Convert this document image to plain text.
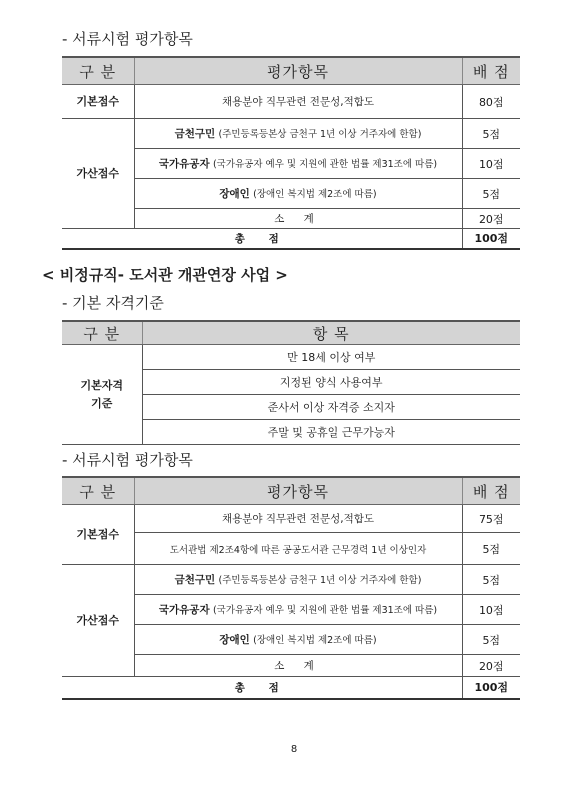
- 서류시험 평가항목
구 분	평가항목	배 점
기본점수	채용분야 직무관련 전문성,적합도	80점
가산점수	금천구민 (주민등록등본상 금천구 1년 이상 거주자에 한함)	5점
	국가유공자 (국가유공자 예우 및 지원에 관한 법률 제31조에 따름)	10점
	장애인 (장애인 복지법 제2조에 따름)	5점
	소 계	20점
총 점		100점
< 비정규직- 도서관 개관연장 사업 >
- 기본 자격기준
구 분	항 목
기본자격
기준	만 18세 이상 여부
	지정된 양식 사용여부
	준사서 이상 자격증 소지자
	주말 및 공휴일 근무가능자
- 서류시험 평가항목
구 분	평가항목	배 점
기본점수	채용분야 직무관련 전문성,적합도	75점
	도서관법 제2조4항에 따른 공공도서관 근무경력 1년 이상인자	5점
가산점수	금천구민 (주민등록등본상 금천구 1년 이상 거주자에 한함)	5점
	국가유공자 (국가유공자 예우 및 지원에 관한 법률 제31조에 따름)	10점
	장애인 (장애인 복지법 제2조에 따름)	5점
	소 계	20점
총 점		100점
8
